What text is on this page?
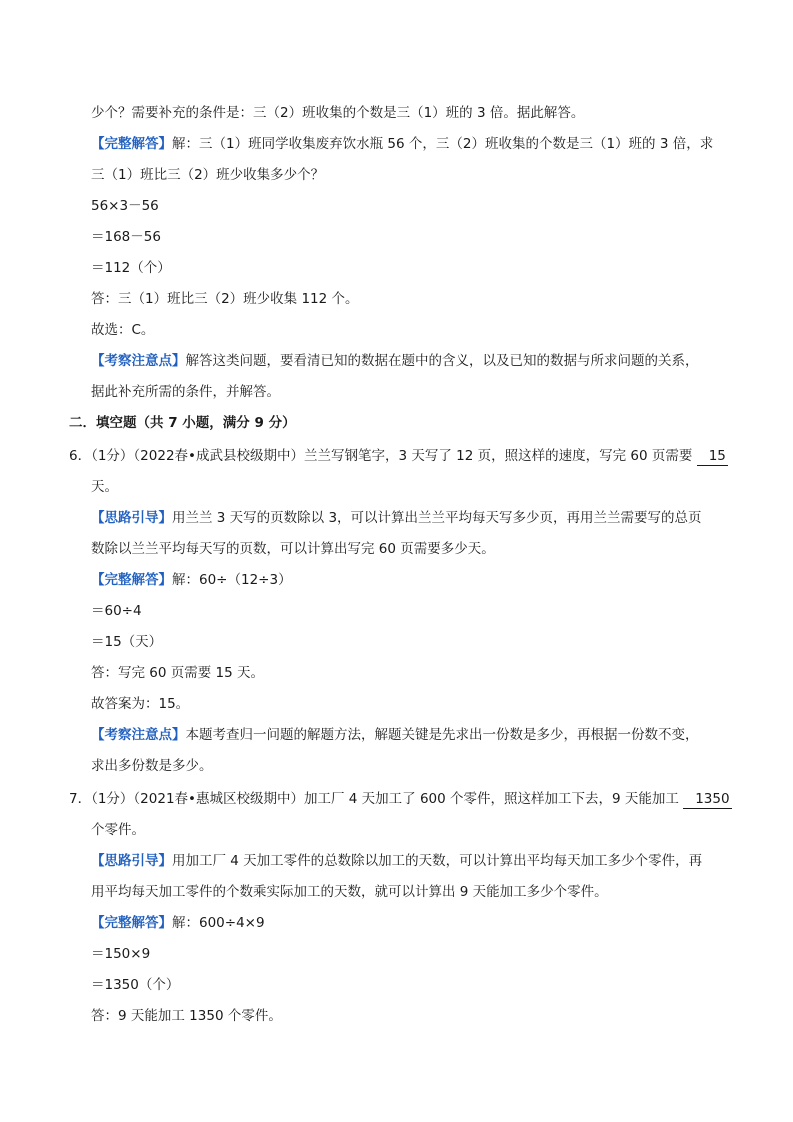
少个？需要补充的条件是：三（2）班收集的个数是三（1）班的 3 倍。据此解答。
【完整解答】解：三（1）班同学收集废弃饮水瓶 56 个，三（2）班收集的个数是三（1）班的 3 倍，求
三（1）班比三（2）班少收集多少个？
56×3－56
＝168－56
＝112（个）
答：三（1）班比三（2）班少收集 112 个。
故选：C。
【考察注意点】解答这类问题，要看清已知的数据在题中的含义，以及已知的数据与所求问题的关系，
据此补充所需的条件，并解答。
二．填空题（共 7 小题，满分 9 分）
6．（1分）（2022春•成武县校级期中）兰兰写钢笔字，3 天写了 12 页，照这样的速度，写完 60 页需要 15
天。
【思路引导】用兰兰 3 天写的页数除以 3，可以计算出兰兰平均每天写多少页，再用兰兰需要写的总页
数除以兰兰平均每天写的页数，可以计算出写完 60 页需要多少天。
【完整解答】解：60÷（12÷3）
＝60÷4
＝15（天）
答：写完 60 页需要 15 天。
故答案为：15。
【考察注意点】本题考查归一问题的解题方法，解题关键是先求出一份数是多少，再根据一份数不变，
求出多份数是多少。
7．（1分）（2021春•惠城区校级期中）加工厂 4 天加工了 600 个零件，照这样加工下去，9 天能加工 1350
个零件。
【思路引导】用加工厂 4 天加工零件的总数除以加工的天数，可以计算出平均每天加工多少个零件，再
用平均每天加工零件的个数乘实际加工的天数，就可以计算出 9 天能加工多少个零件。
【完整解答】解：600÷4×9
＝150×9
＝1350（个）
答：9 天能加工 1350 个零件。
